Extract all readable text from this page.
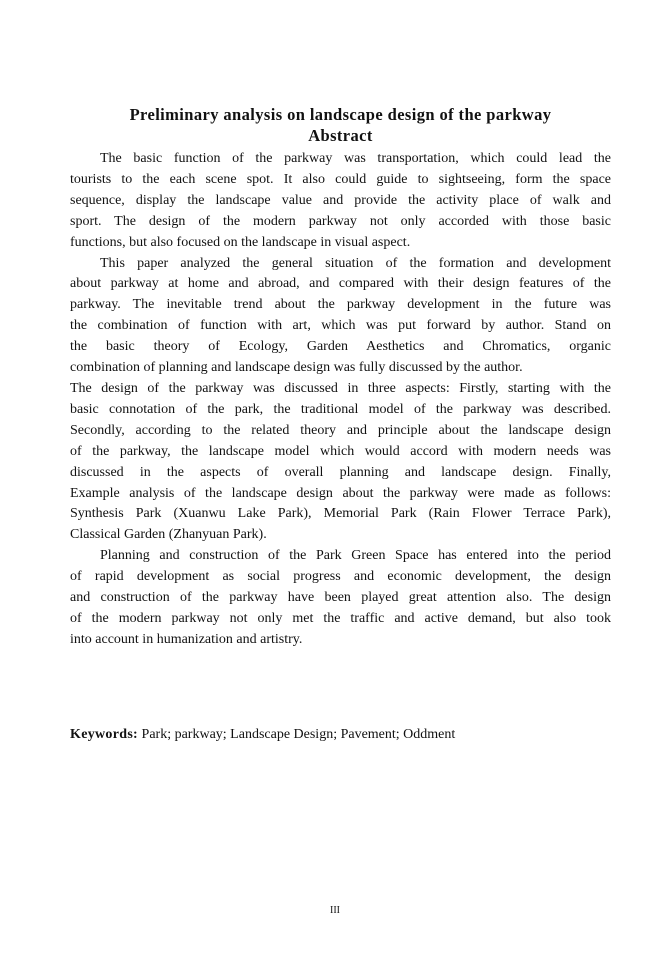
Preliminary analysis on landscape design of the parkway
Abstract

The basic function of the parkway was transportation, which could lead the
tourists to the each scene spot. It also could guide to sightseeing, form the space
sequence, display the landscape value and provide the activity place of walk and
sport. The design of the modern parkway not only accorded with those basic
functions, but also focused on the landscape in visual aspect.

This paper analyzed the general situation of the formation and development
about parkway at home and abroad, and compared with their design features of the
parkway. The inevitable trend about the parkway development in the future was
the combination of function with art, which was put forward by author. Stand on
the basic theory of Ecology, Garden Aesthetics and Chromatics, organic
combination of planning and landscape design was fully discussed by the author.
The design of the parkway was discussed in three aspects: Firstly, starting with the
basic connotation of the park, the traditional model of the parkway was described.
Secondly, according to the related theory and principle about the landscape design
of the parkway, the landscape model which would accord with modern needs was
discussed in the aspects of overall planning and landscape design. Finally,
Example analysis of the landscape design about the parkway were made as follows:
Synthesis Park (Xuanwu Lake Park), Memorial Park (Rain Flower Terrace Park),
Classical Garden (Zhanyuan Park).

Planning and construction of the Park Green Space has entered into the period
of rapid development as social progress and economic development, the design
and construction of the parkway have been played great attention also. The design
of the modern parkway not only met the traffic and active demand, but also took
into account in humanization and artistry.

Keywords: Park; parkway; Landscape Design; Pavement; Oddment

III
